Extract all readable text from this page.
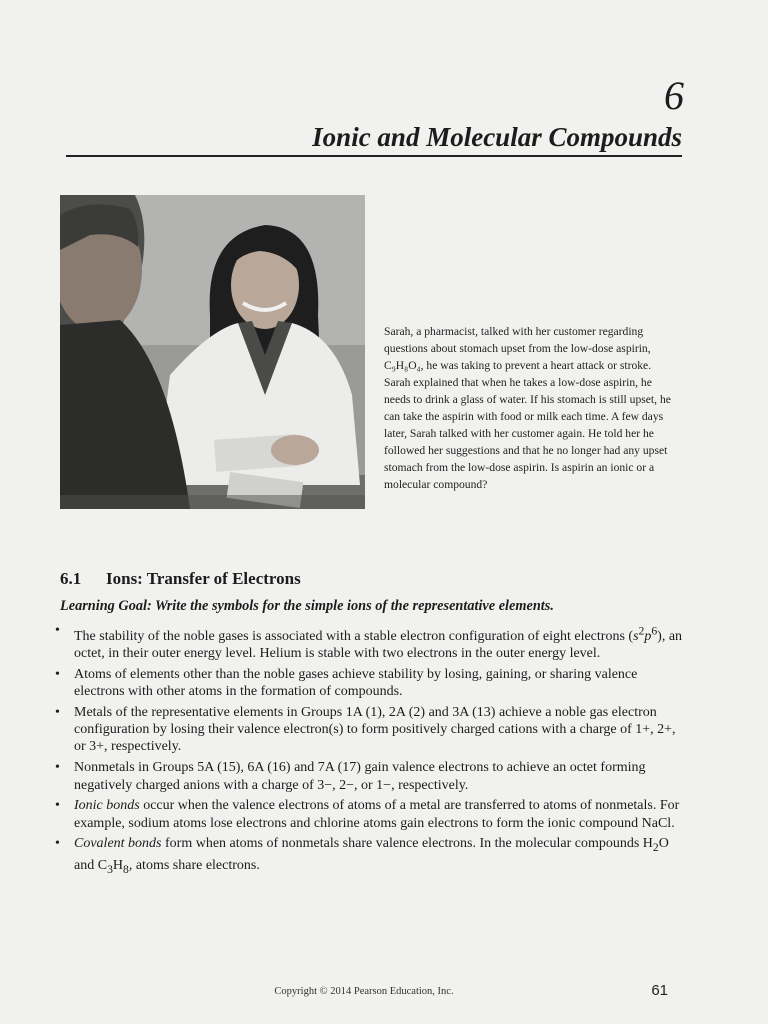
6
Ionic and Molecular Compounds
Sarah, a pharmacist, talked with her customer regarding questions about stomach upset from the low-dose aspirin, C₉H₈O₄, he was taking to prevent a heart attack or stroke. Sarah explained that when he takes a low-dose aspirin, he needs to drink a glass of water. If his stomach is still upset, he can take the aspirin with food or milk each time. A few days later, Sarah talked with her customer again. He told her he followed her suggestions and that he no longer had any upset stomach from the low-dose aspirin. Is aspirin an ionic or a molecular compound?
6.1 Ions: Transfer of Electrons
Learning Goal: Write the symbols for the simple ions of the representative elements.
• The stability of the noble gases is associated with a stable electron configuration of eight electrons $(s^2p^6)$, an octet, in their outer energy level. Helium is stable with two electrons in the outer energy level.
• Atoms of elements other than the noble gases achieve stability by losing, gaining, or sharing valence electrons with other atoms in the formation of compounds.
• Metals of the representative elements in Groups 1A (1), 2A (2) and 3A (13) achieve a noble gas electron configuration by losing their valence electron(s) to form positively charged cations with a charge of 1+, 2+, or 3+, respectively.
• Nonmetals in Groups 5A (15), 6A (16) and 7A (17) gain valence electrons to achieve an octet forming negatively charged anions with a charge of 3−, 2−, or 1−, respectively.
• Ionic bonds occur when the valence electrons of atoms of a metal are transferred to atoms of nonmetals. For example, sodium atoms lose electrons and chlorine atoms gain electrons to form the ionic compound NaCl.
• Covalent bonds form when atoms of nonmetals share valence electrons. In the molecular compounds $H_2O$ and $C_3H_8$, atoms share electrons.
Copyright © 2014 Pearson Education, Inc.	61
